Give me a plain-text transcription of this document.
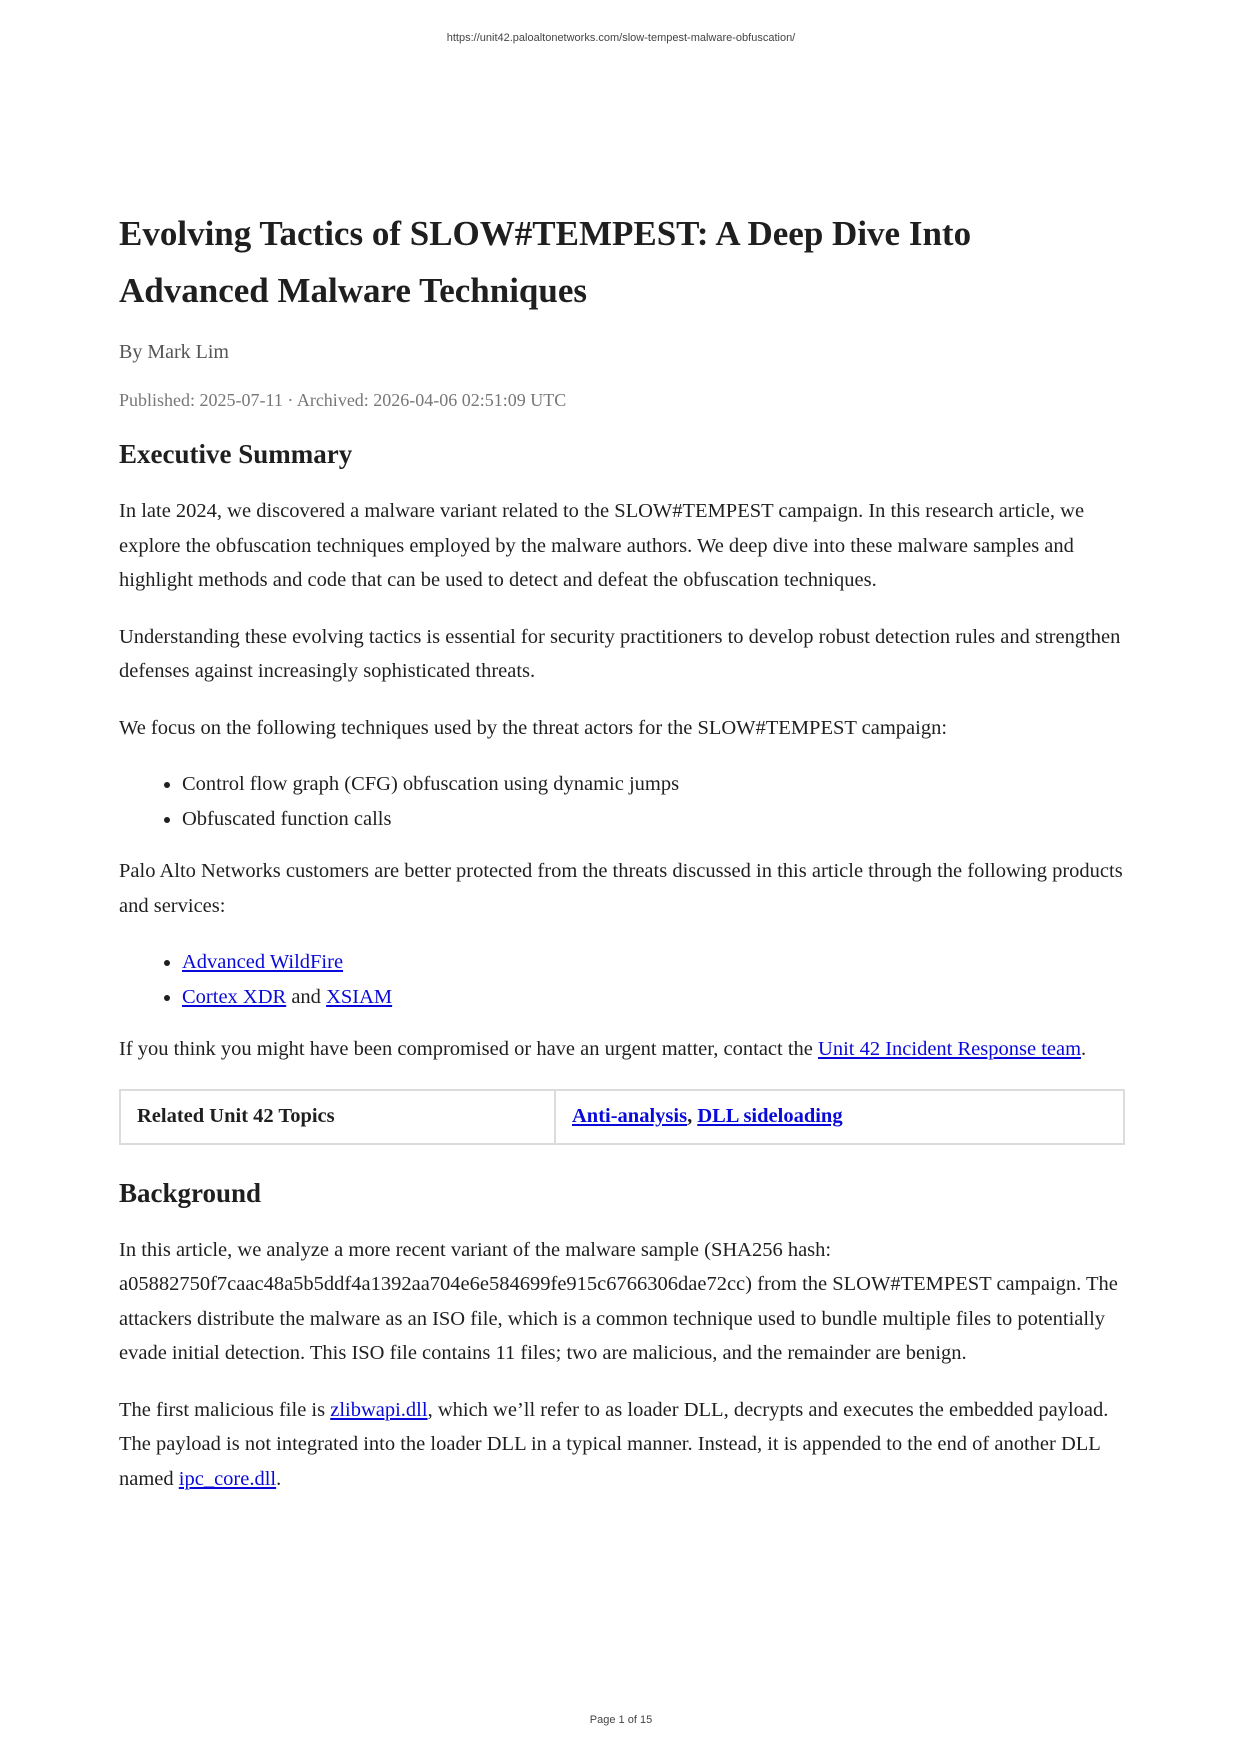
https://unit42.paloaltonetworks.com/slow-tempest-malware-obfuscation/
Evolving Tactics of SLOW#TEMPEST: A Deep Dive Into Advanced Malware Techniques
By Mark Lim
Published: 2025-07-11 · Archived: 2026-04-06 02:51:09 UTC
Executive Summary

In late 2024, we discovered a malware variant related to the SLOW#TEMPEST campaign. In this research article, we explore the obfuscation techniques employed by the malware authors. We deep dive into these malware samples and highlight methods and code that can be used to detect and defeat the obfuscation techniques.

Understanding these evolving tactics is essential for security practitioners to develop robust detection rules and strengthen defenses against increasingly sophisticated threats.

We focus on the following techniques used by the threat actors for the SLOW#TEMPEST campaign:

• Control flow graph (CFG) obfuscation using dynamic jumps
• Obfuscated function calls

Palo Alto Networks customers are better protected from the threats discussed in this article through the following products and services:

• Advanced WildFire
• Cortex XDR and XSIAM

If you think you might have been compromised or have an urgent matter, contact the Unit 42 Incident Response team.

Related Unit 42 Topics	Anti-analysis, DLL sideloading
Background

In this article, we analyze a more recent variant of the malware sample (SHA256 hash: a05882750f7caac48a5b5ddf4a1392aa704e6e584699fe915c6766306dae72cc) from the SLOW#TEMPEST campaign. The attackers distribute the malware as an ISO file, which is a common technique used to bundle multiple files to potentially evade initial detection. This ISO file contains 11 files; two are malicious, and the remainder are benign.

The first malicious file is zlibwapi.dll, which we’ll refer to as loader DLL, decrypts and executes the embedded payload. The payload is not integrated into the loader DLL in a typical manner. Instead, it is appended to the end of another DLL named ipc_core.dll.

Page 1 of 15
